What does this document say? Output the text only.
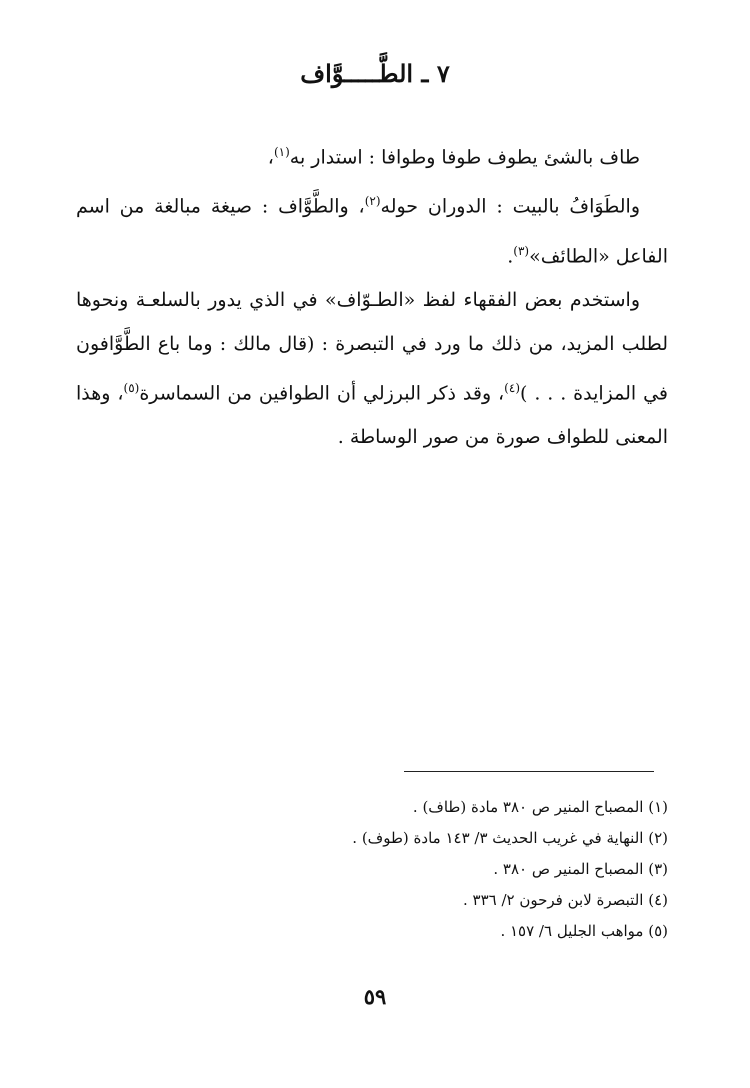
٧ ـ الطَّـــــوَّاف

طاف بالشئ يطوف طوفا وطوافا : استدار به$^{(١)}$،

والطَوَافُ بالبيت : الدوران حوله$^{(٢)}$، والطَّوَّاف : صيغة مبالغة من اسم الفاعل «الطائف»$^{(٣)}$.

واستخدم بعض الفقهاء لفظ «الطـوّاف» في الذي يدور بالسلعـة ونحوها لطلب المزيد، من ذلك ما ورد في التبصرة : (قال مالك : وما باع الطَّوَّافون في المزايدة . . . )$^{(٤)}$، وقد ذكر البرزلي أن الطوافين من السماسرة$^{(٥)}$، وهذا المعنى للطواف صورة من صور الوساطة .

(١) المصباح المنير ص ٣٨٠ مادة (طاف) .

(٢) النهاية في غريب الحديث ٣/ ١٤٣ مادة (طوف) .

(٣) المصباح المنير ص ٣٨٠ .

(٤) التبصرة لابن فرحون ٢/ ٣٣٦ .

(٥) مواهب الجليل ٦/ ١٥٧ .

٥٩
